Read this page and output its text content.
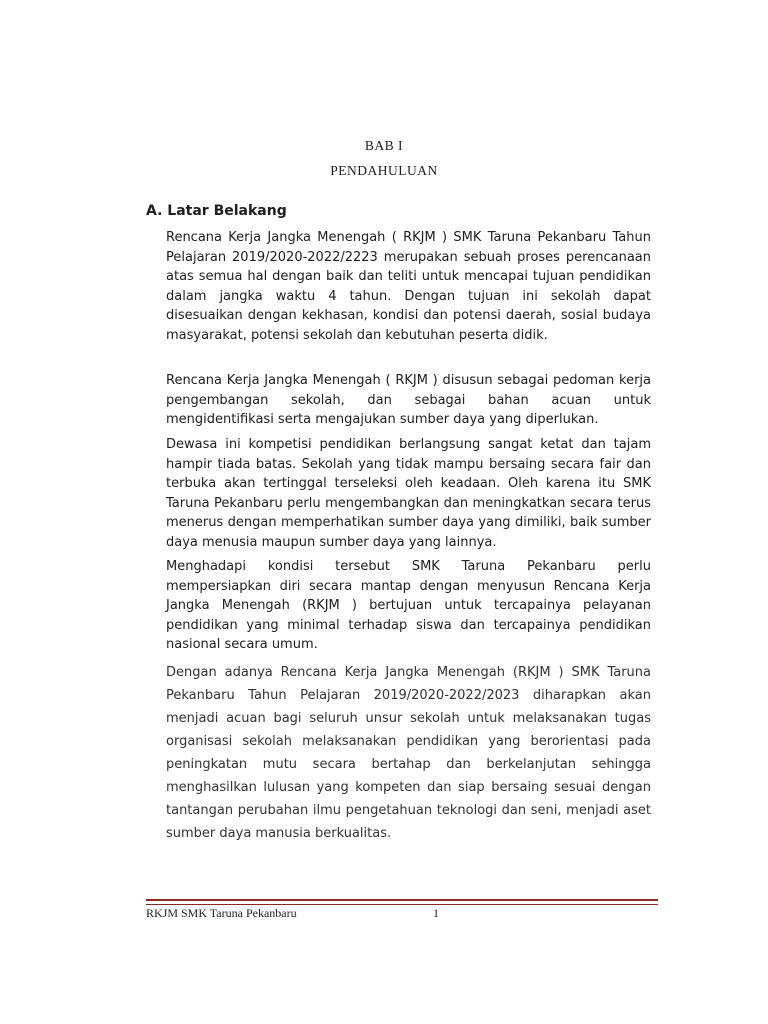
BAB I
PENDAHULUAN
A. Latar Belakang

Rencana Kerja Jangka Menengah ( RKJM ) SMK Taruna Pekanbaru Tahun Pelajaran 2019/2020-2022/2223 merupakan sebuah proses perencanaan atas semua hal dengan baik dan teliti untuk mencapai tujuan pendidikan dalam jangka waktu 4 tahun. Dengan tujuan ini sekolah dapat disesuaikan dengan kekhasan, kondisi dan potensi daerah, sosial budaya masyarakat, potensi sekolah dan kebutuhan peserta didik.

Rencana Kerja Jangka Menengah ( RKJM ) disusun sebagai pedoman kerja pengembangan sekolah, dan sebagai bahan acuan untuk mengidentifikasi serta mengajukan sumber daya yang diperlukan.

Dewasa ini kompetisi pendidikan berlangsung sangat ketat dan tajam hampir tiada batas. Sekolah yang tidak mampu bersaing secara fair dan terbuka akan tertinggal terseleksi oleh keadaan. Oleh karena itu SMK Taruna Pekanbaru perlu mengembangkan dan meningkatkan secara terus menerus dengan memperhatikan sumber daya yang dimiliki, baik sumber daya menusia maupun sumber daya yang lainnya.

Menghadapi kondisi tersebut SMK Taruna Pekanbaru perlu mempersiapkan diri secara mantap dengan menyusun Rencana Kerja Jangka Menengah (RKJM ) bertujuan untuk tercapainya pelayanan pendidikan yang minimal terhadap siswa dan tercapainya pendidikan nasional secara umum.

Dengan adanya Rencana Kerja Jangka Menengah (RKJM ) SMK Taruna Pekanbaru Tahun Pelajaran 2019/2020-2022/2023 diharapkan akan menjadi acuan bagi seluruh unsur sekolah untuk melaksanakan tugas organisasi sekolah melaksanakan pendidikan yang berorientasi pada peningkatan mutu secara bertahap dan berkelanjutan sehingga menghasilkan lulusan yang kompeten dan siap bersaing sesuai dengan tantangan perubahan ilmu pengetahuan teknologi dan seni, menjadi aset sumber daya manusia berkualitas.

RKJM SMK Taruna Pekanbaru	1
